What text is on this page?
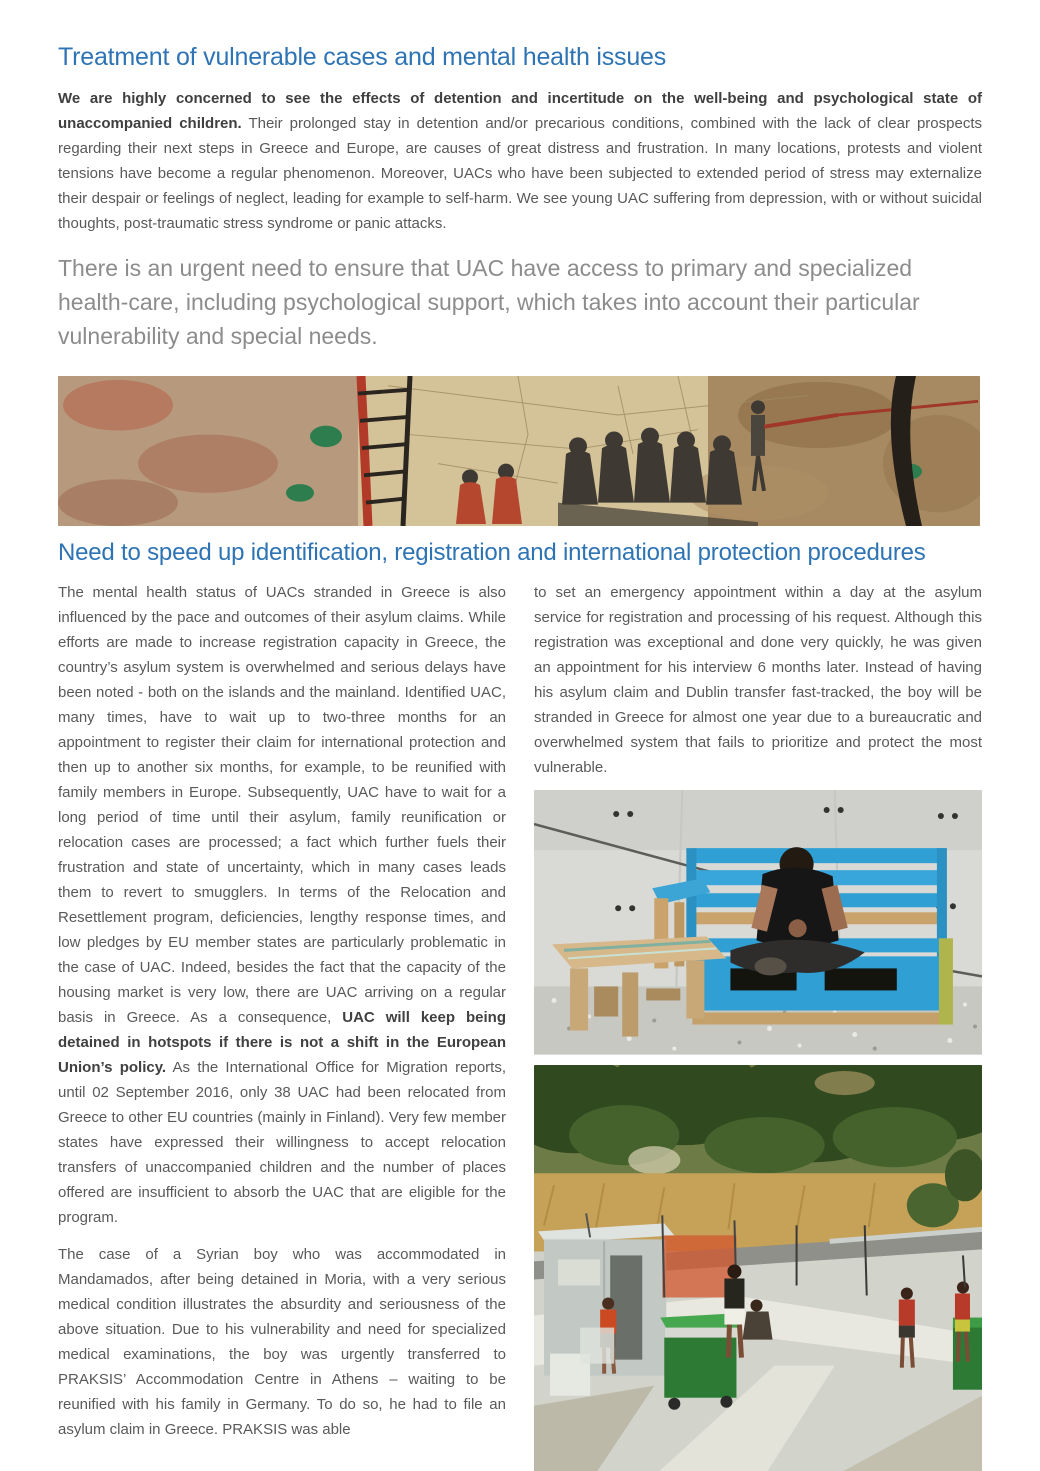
Treatment of vulnerable cases and mental health issues

We are highly concerned to see the effects of detention and incertitude on the well-being and psychological state of unaccompanied children. Their prolonged stay in detention and/or precarious conditions, combined with the lack of clear prospects regarding their next steps in Greece and Europe, are causes of great distress and frustration. In many locations, protests and violent tensions have become a regular phenomenon. Moreover, UACs who have been subjected to extended period of stress may externalize their despair or feelings of neglect, leading for example to self-harm. We see young UAC suffering from depression, with or without suicidal thoughts, post-traumatic stress syndrome or panic attacks.

There is an urgent need to ensure that UAC have access to primary and specialized health-care, including psychological support, which takes into account their particular vulnerability and special needs.

Need to speed up identification, registration and international protection procedures

The mental health status of UACs stranded in Greece is also influenced by the pace and outcomes of their asylum claims. While efforts are made to increase registration capacity in Greece, the country’s asylum system is overwhelmed and serious delays have been noted - both on the islands and the mainland. Identified UAC, many times, have to wait up to two-three months for an appointment to register their claim for international protection and then up to another six months, for example, to be reunified with family members in Europe. Subsequently, UAC have to wait for a long period of time until their asylum, family reunification or relocation cases are processed; a fact which further fuels their frustration and state of uncertainty, which in many cases leads them to revert to smugglers. In terms of the Relocation and Resettlement program, deficiencies, lengthy response times, and low pledges by EU member states are particularly problematic in the case of UAC. Indeed, besides the fact that the capacity of the housing market is very low, there are UAC arriving on a regular basis in Greece. As a consequence, UAC will keep being detained in hotspots if there is not a shift in the European Union’s policy. As the International Office for Migration reports, until 02 September 2016, only 38 UAC had been relocated from Greece to other EU countries (mainly in Finland). Very few member states have expressed their willingness to accept relocation transfers of unaccompanied children and the number of places offered are insufficient to absorb the UAC that are eligible for the program.

The case of a Syrian boy who was accommodated in Mandamados, after being detained in Moria, with a very serious medical condition illustrates the absurdity and seriousness of the above situation. Due to his vulnerability and need for specialized medical examinations, the boy was urgently transferred to PRAKSIS’ Accommodation Centre in Athens – waiting to be reunified with his family in Germany. To do so, he had to file an asylum claim in Greece. PRAKSIS was able

to set an emergency appointment within a day at the asylum service for registration and processing of his request. Although this registration was exceptional and done very quickly, he was given an appointment for his interview 6 months later. Instead of having his asylum claim and Dublin transfer fast-tracked, the boy will be stranded in Greece for almost one year due to a bureaucratic and overwhelmed system that fails to prioritize and protect the most vulnerable.
